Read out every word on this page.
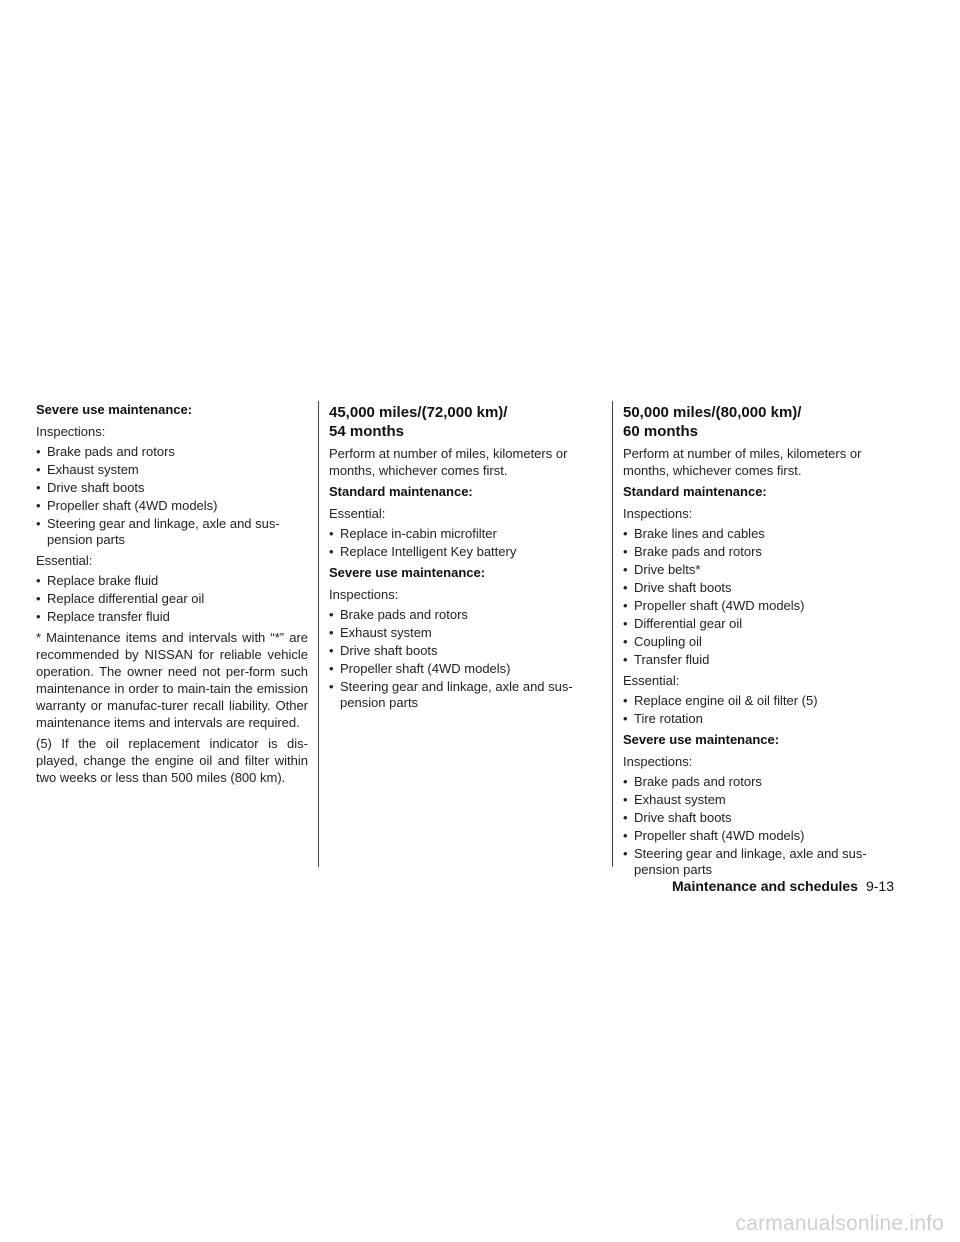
Severe use maintenance:
Inspections:
• Brake pads and rotors
• Exhaust system
• Drive shaft boots
• Propeller shaft (4WD models)
• Steering gear and linkage, axle and sus-pension parts
Essential:
• Replace brake fluid
• Replace differential gear oil
• Replace transfer fluid
* Maintenance items and intervals with “*” are recommended by NISSAN for reliable vehicle operation. The owner need not per-form such maintenance in order to main-tain the emission warranty or manufac-turer recall liability. Other maintenance items and intervals are required.
(5) If the oil replacement indicator is dis-played, change the engine oil and filter within two weeks or less than 500 miles (800 km).
45,000 miles/(72,000 km)/
54 months
Perform at number of miles, kilometers or months, whichever comes first.
Standard maintenance:
Essential:
• Replace in-cabin microfilter
• Replace Intelligent Key battery
Severe use maintenance:
Inspections:
• Brake pads and rotors
• Exhaust system
• Drive shaft boots
• Propeller shaft (4WD models)
• Steering gear and linkage, axle and sus-pension parts
50,000 miles/(80,000 km)/
60 months
Perform at number of miles, kilometers or months, whichever comes first.
Standard maintenance:
Inspections:
• Brake lines and cables
• Brake pads and rotors
• Drive belts*
• Drive shaft boots
• Propeller shaft (4WD models)
• Differential gear oil
• Coupling oil
• Transfer fluid
Essential:
• Replace engine oil & oil filter (5)
• Tire rotation
Severe use maintenance:
Inspections:
• Brake pads and rotors
• Exhaust system
• Drive shaft boots
• Propeller shaft (4WD models)
• Steering gear and linkage, axle and sus-pension parts
Maintenance and schedules 9-13
carmanualsonline.info
